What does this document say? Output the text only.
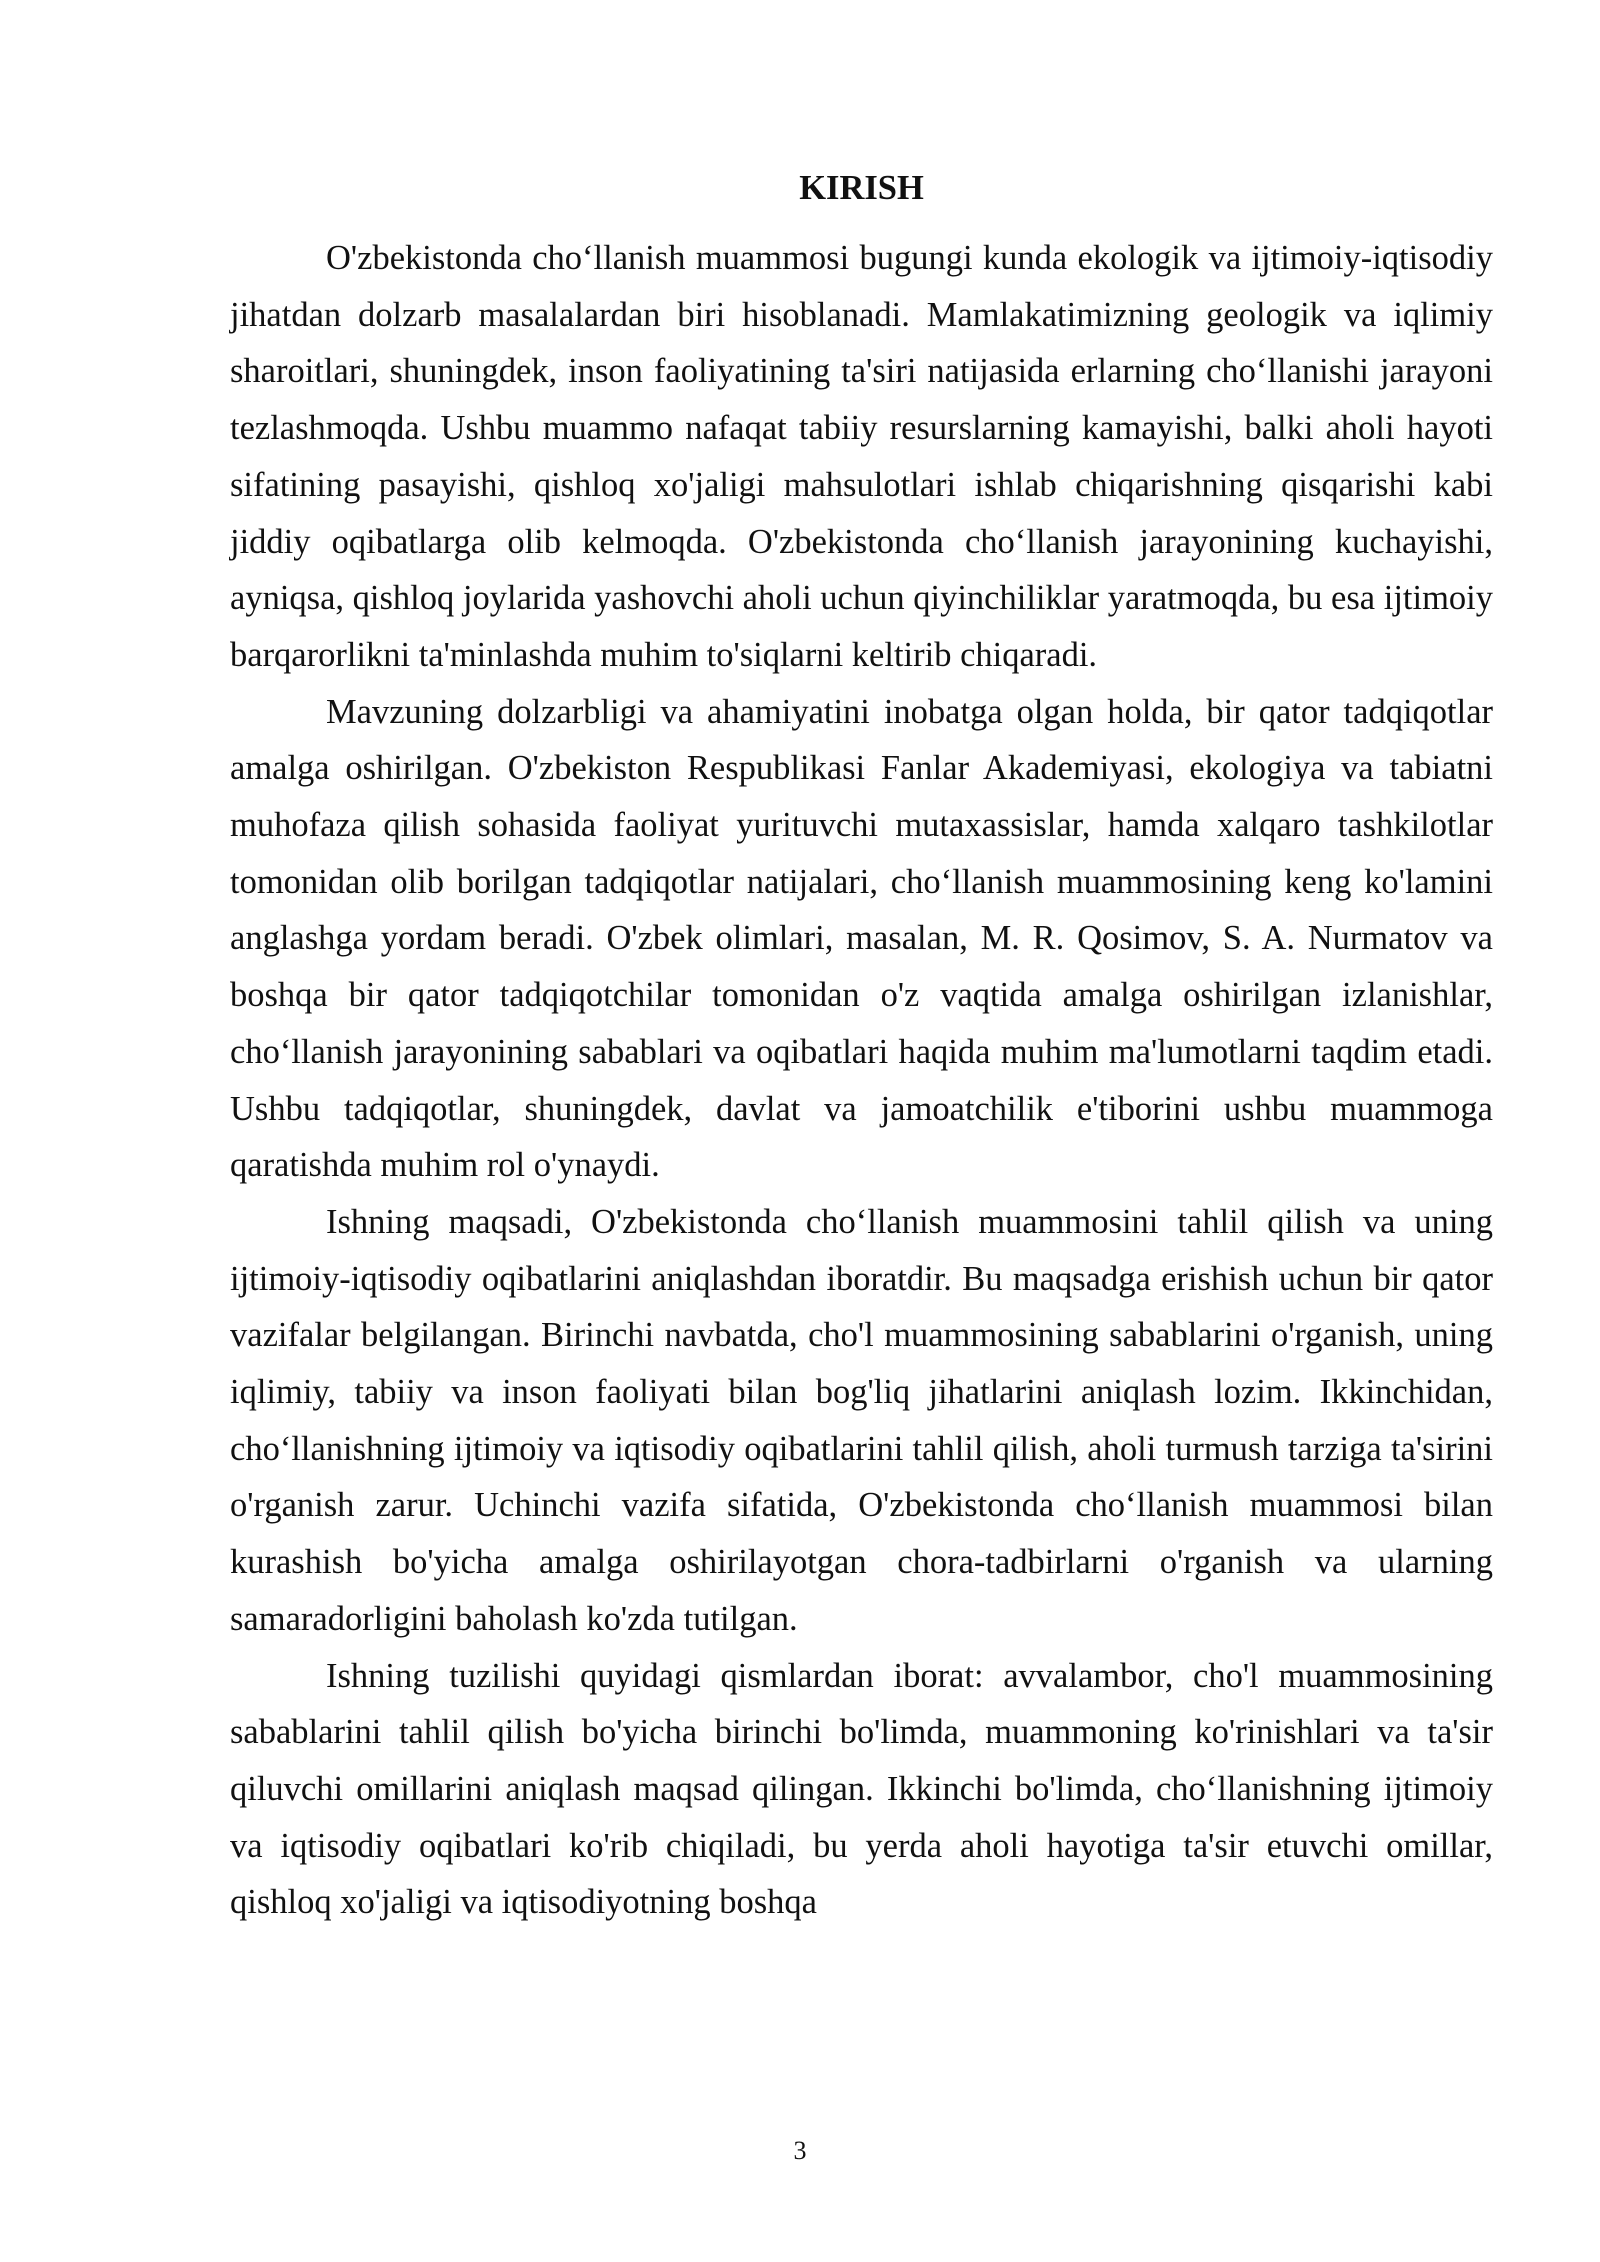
KIRISH

O'zbekistonda cho‘llanish muammosi bugungi kunda ekologik va ijtimoiy-iqtisodiy jihatdan dolzarb masalalardan biri hisoblanadi. Mamlakatimizning geologik va iqlimiy sharoitlari, shuningdek, inson faoliyatining ta'siri natijasida erlarning cho‘llanishi jarayoni tezlashmoqda. Ushbu muammo nafaqat tabiiy resurslarning kamayishi, balki aholi hayoti sifatining pasayishi, qishloq xo'jaligi mahsulotlari ishlab chiqarishning qisqarishi kabi jiddiy oqibatlarga olib kelmoqda. O'zbekistonda cho‘llanish jarayonining kuchayishi, ayniqsa, qishloq joylarida yashovchi aholi uchun qiyinchiliklar yaratmoqda, bu esa ijtimoiy barqarorlikni ta'minlashda muhim to'siqlarni keltirib chiqaradi.

Mavzuning dolzarbligi va ahamiyatini inobatga olgan holda, bir qator tadqiqotlar amalga oshirilgan. O'zbekiston Respublikasi Fanlar Akademiyasi, ekologiya va tabiatni muhofaza qilish sohasida faoliyat yurituvchi mutaxassislar, hamda xalqaro tashkilotlar tomonidan olib borilgan tadqiqotlar natijalari, cho‘llanish muammosining keng ko'lamini anglashga yordam beradi. O'zbek olimlari, masalan, M. R. Qosimov, S. A. Nurmatov va boshqa bir qator tadqiqotchilar tomonidan o'z vaqtida amalga oshirilgan izlanishlar, cho‘llanish jarayonining sabablari va oqibatlari haqida muhim ma'lumotlarni taqdim etadi. Ushbu tadqiqotlar, shuningdek, davlat va jamoatchilik e'tiborini ushbu muammoga qaratishda muhim rol o'ynaydi.

Ishning maqsadi, O'zbekistonda cho‘llanish muammosini tahlil qilish va uning ijtimoiy-iqtisodiy oqibatlarini aniqlashdan iboratdir. Bu maqsadga erishish uchun bir qator vazifalar belgilangan. Birinchi navbatda, cho'l muammosining sabablarini o'rganish, uning iqlimiy, tabiiy va inson faoliyati bilan bog'liq jihatlarini aniqlash lozim. Ikkinchidan, cho‘llanishning ijtimoiy va iqtisodiy oqibatlarini tahlil qilish, aholi turmush tarziga ta'sirini o'rganish zarur. Uchinchi vazifa sifatida, O'zbekistonda cho‘llanish muammosi bilan kurashish bo'yicha amalga oshirilayotgan chora-tadbirlarni o'rganish va ularning samaradorligini baholash ko'zda tutilgan.

Ishning tuzilishi quyidagi qismlardan iborat: avvalambor, cho'l muammosining sabablarini tahlil qilish bo'yicha birinchi bo'limda, muammoning ko'rinishlari va ta'sir qiluvchi omillarini aniqlash maqsad qilingan. Ikkinchi bo'limda, cho‘llanishning ijtimoiy va iqtisodiy oqibatlari ko'rib chiqiladi, bu yerda aholi hayotiga ta'sir etuvchi omillar, qishloq xo'jaligi va iqtisodiyotning boshqa

3
